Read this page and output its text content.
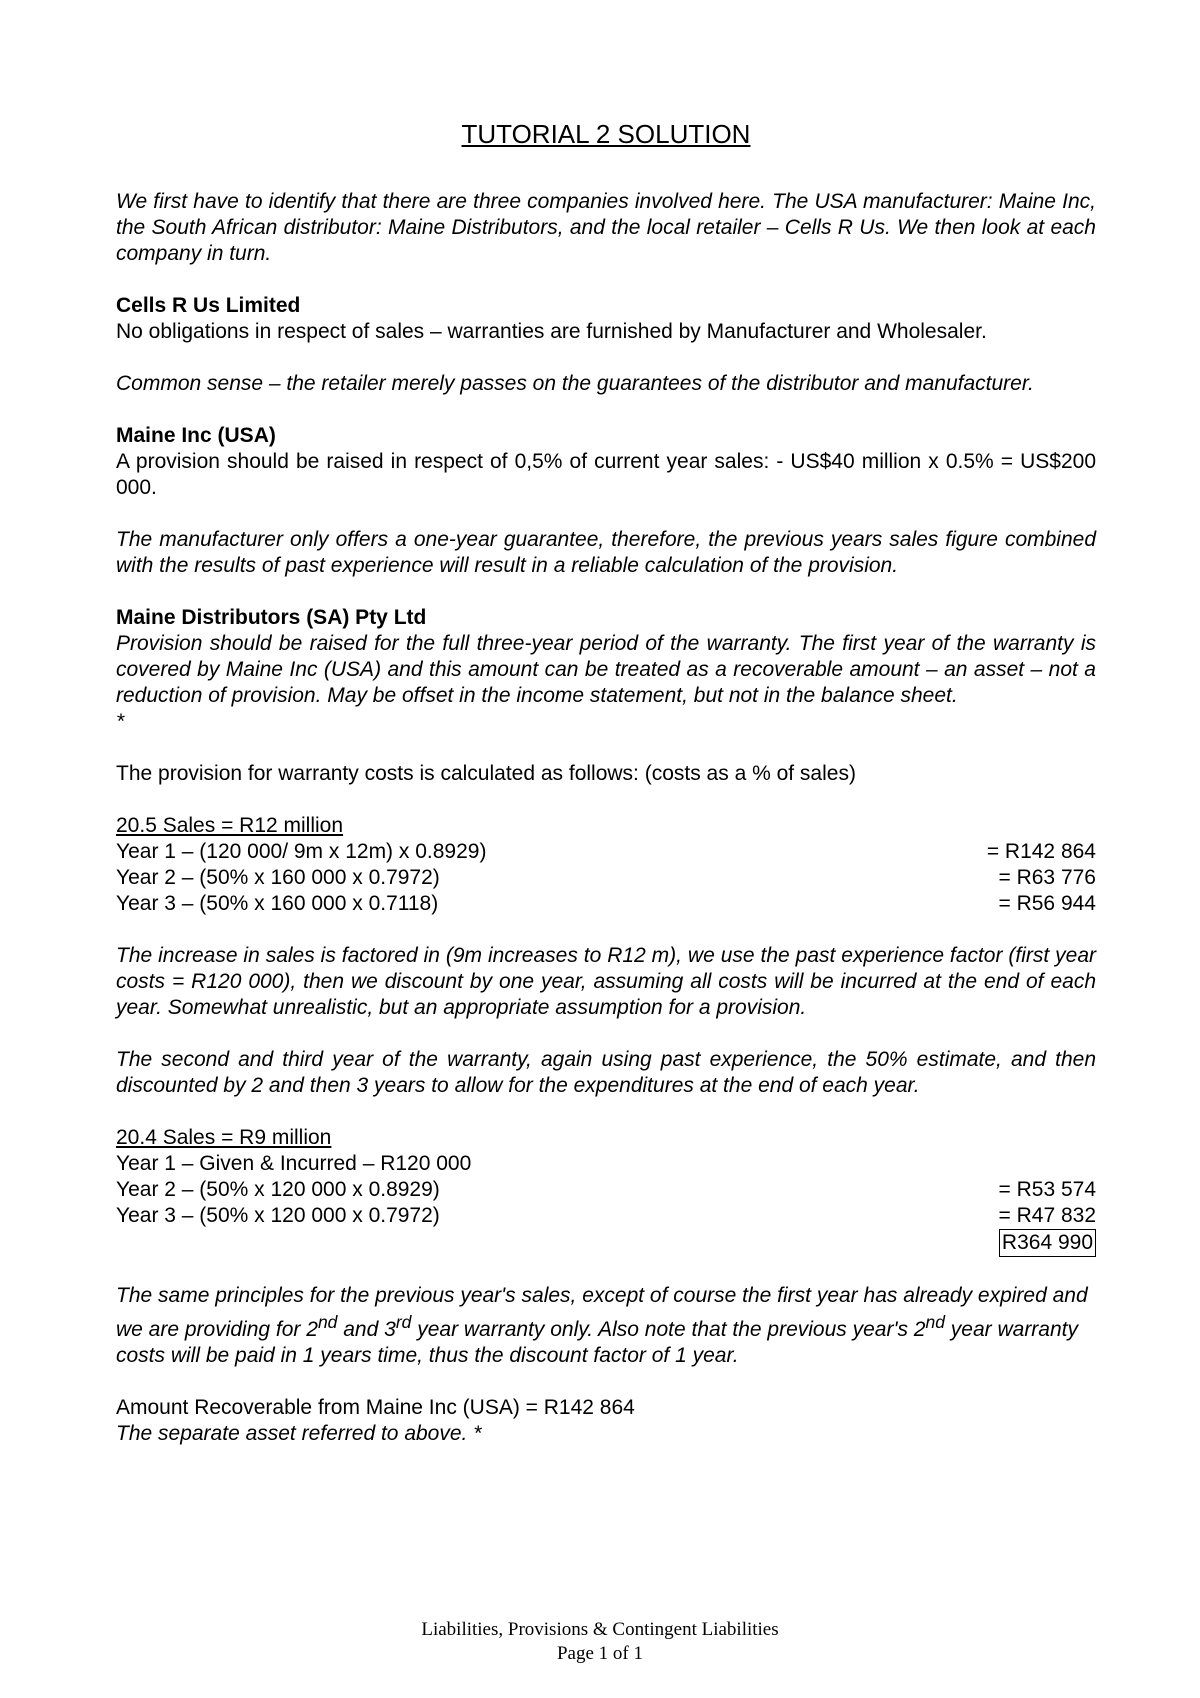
TUTORIAL 2 SOLUTION

We first have to identify that there are three companies involved here. The USA manufacturer: Maine Inc, the South African distributor: Maine Distributors, and the local retailer – Cells R Us. We then look at each company in turn.

Cells R Us Limited

No obligations in respect of sales – warranties are furnished by Manufacturer and Wholesaler.

Common sense – the retailer merely passes on the guarantees of the distributor and manufacturer.

Maine Inc (USA)

A provision should be raised in respect of 0,5% of current year sales: - US$40 million x 0.5% = US$200 000.

The manufacturer only offers a one-year guarantee, therefore, the previous years sales figure combined with the results of past experience will result in a reliable calculation of the provision.

Maine Distributors (SA) Pty Ltd
Provision should be raised for the full three-year period of the warranty. The first year of the warranty is covered by Maine Inc (USA) and this amount can be treated as a recoverable amount – an asset – not a reduction of provision. May be offset in the income statement, but not in the balance sheet.

*

The provision for warranty costs is calculated as follows: (costs as a % of sales)

20.5 Sales = R12 million
Year 1 – (120 000/ 9m x 12m) x 0.8929)	= R142 864
Year 2 – (50% x 160 000 x 0.7972)	= R63 776
Year 3 – (50% x 160 000 x 0.7118)	= R56 944

The increase in sales is factored in (9m increases to R12 m), we use the past experience factor (first year costs = R120 000), then we discount by one year, assuming all costs will be incurred at the end of each year. Somewhat unrealistic, but an appropriate assumption for a provision.

The second and third year of the warranty, again using past experience, the 50% estimate, and then discounted by 2 and then 3 years to allow for the expenditures at the end of each year.

20.4 Sales = R9 million
Year 1 – Given & Incurred – R120 000
Year 2 – (50% x 120 000 x 0.8929)	= R53 574
Year 3 – (50% x 120 000 x 0.7972)	= R47 832
R364 990

The same principles for the previous year's sales, except of course the first year has already expired and we are providing for 2nd and 3rd year warranty only. Also note that the previous year's 2nd year warranty costs will be paid in 1 years time, thus the discount factor of 1 year.

Amount Recoverable from Maine Inc (USA) = R142 864
The separate asset referred to above. *
Liabilities, Provisions & Contingent Liabilities
Page 1 of 1
